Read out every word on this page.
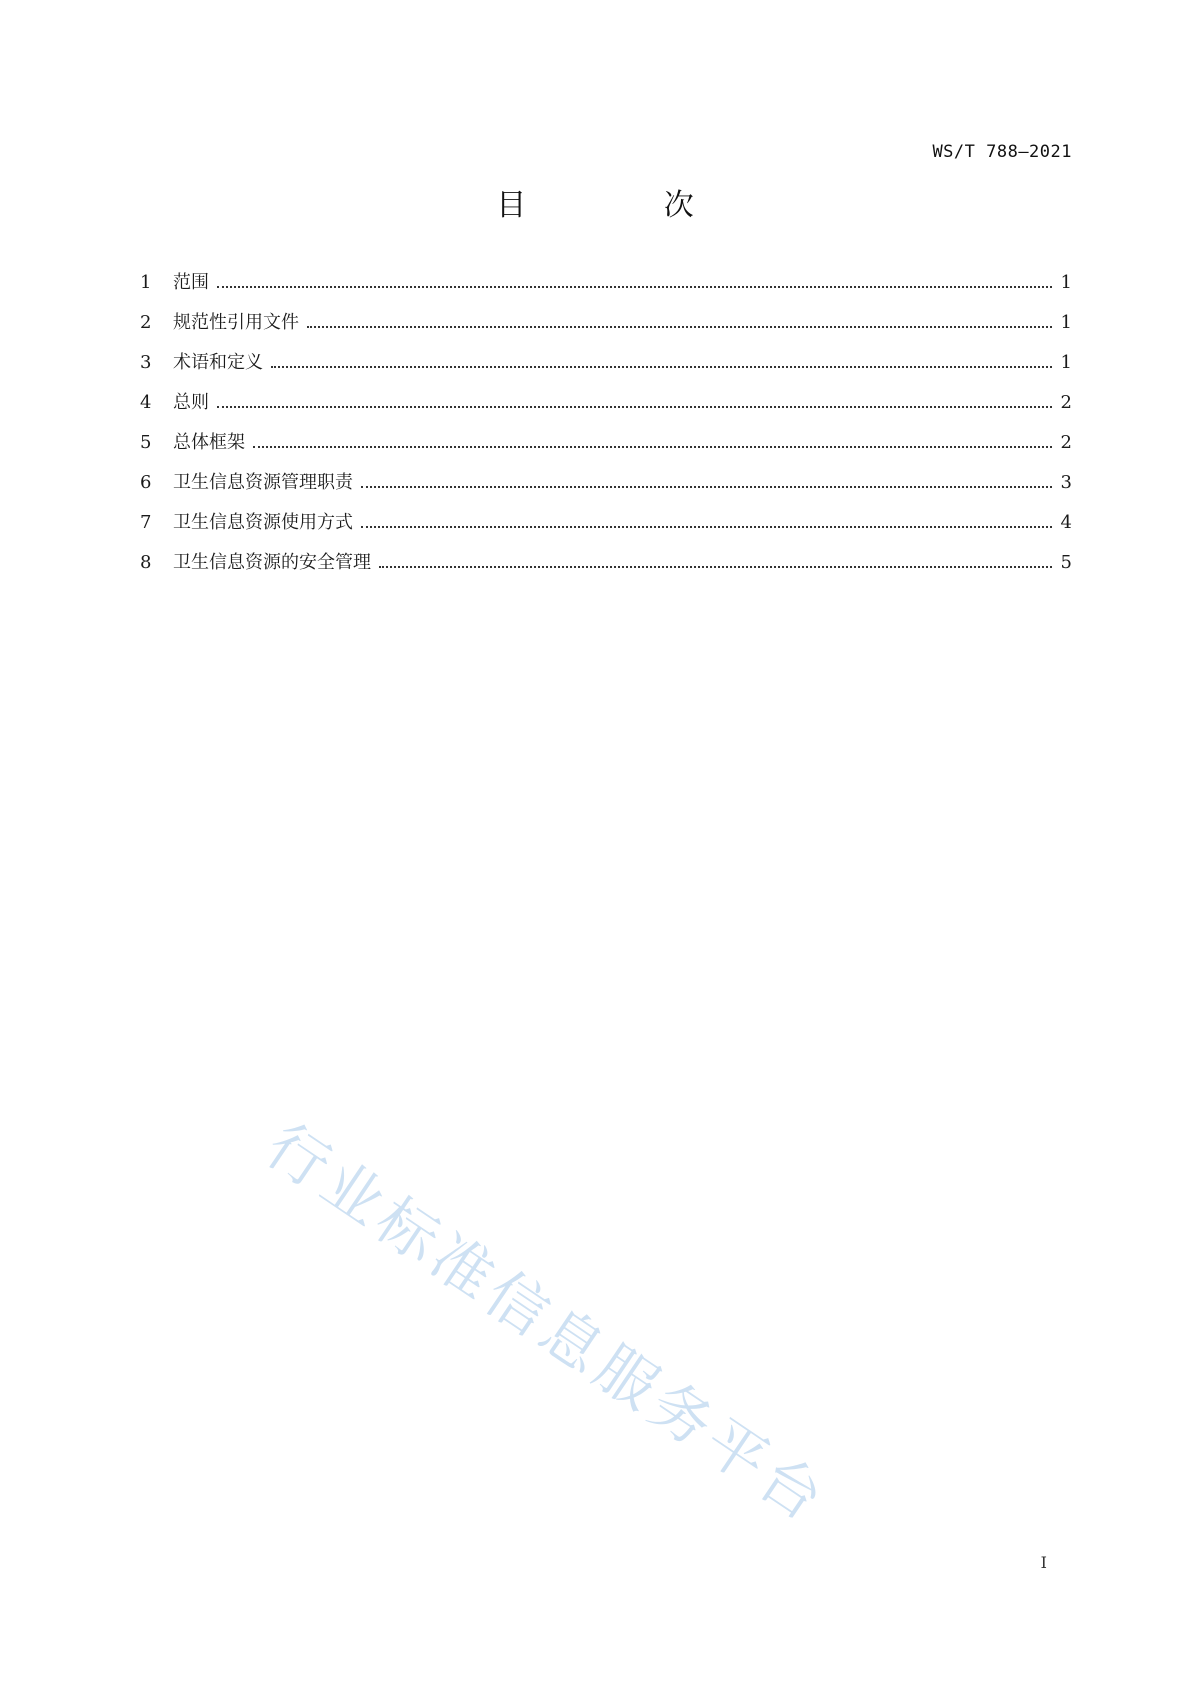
WS/T 788—2021
目 次
1	范围	1
2	规范性引用文件	1
3	术语和定义	1
4	总则	2
5	总体框架	2
6	卫生信息资源管理职责	3
7	卫生信息资源使用方式	4
8	卫生信息资源的安全管理	5
行业标准信息服务平台
I
